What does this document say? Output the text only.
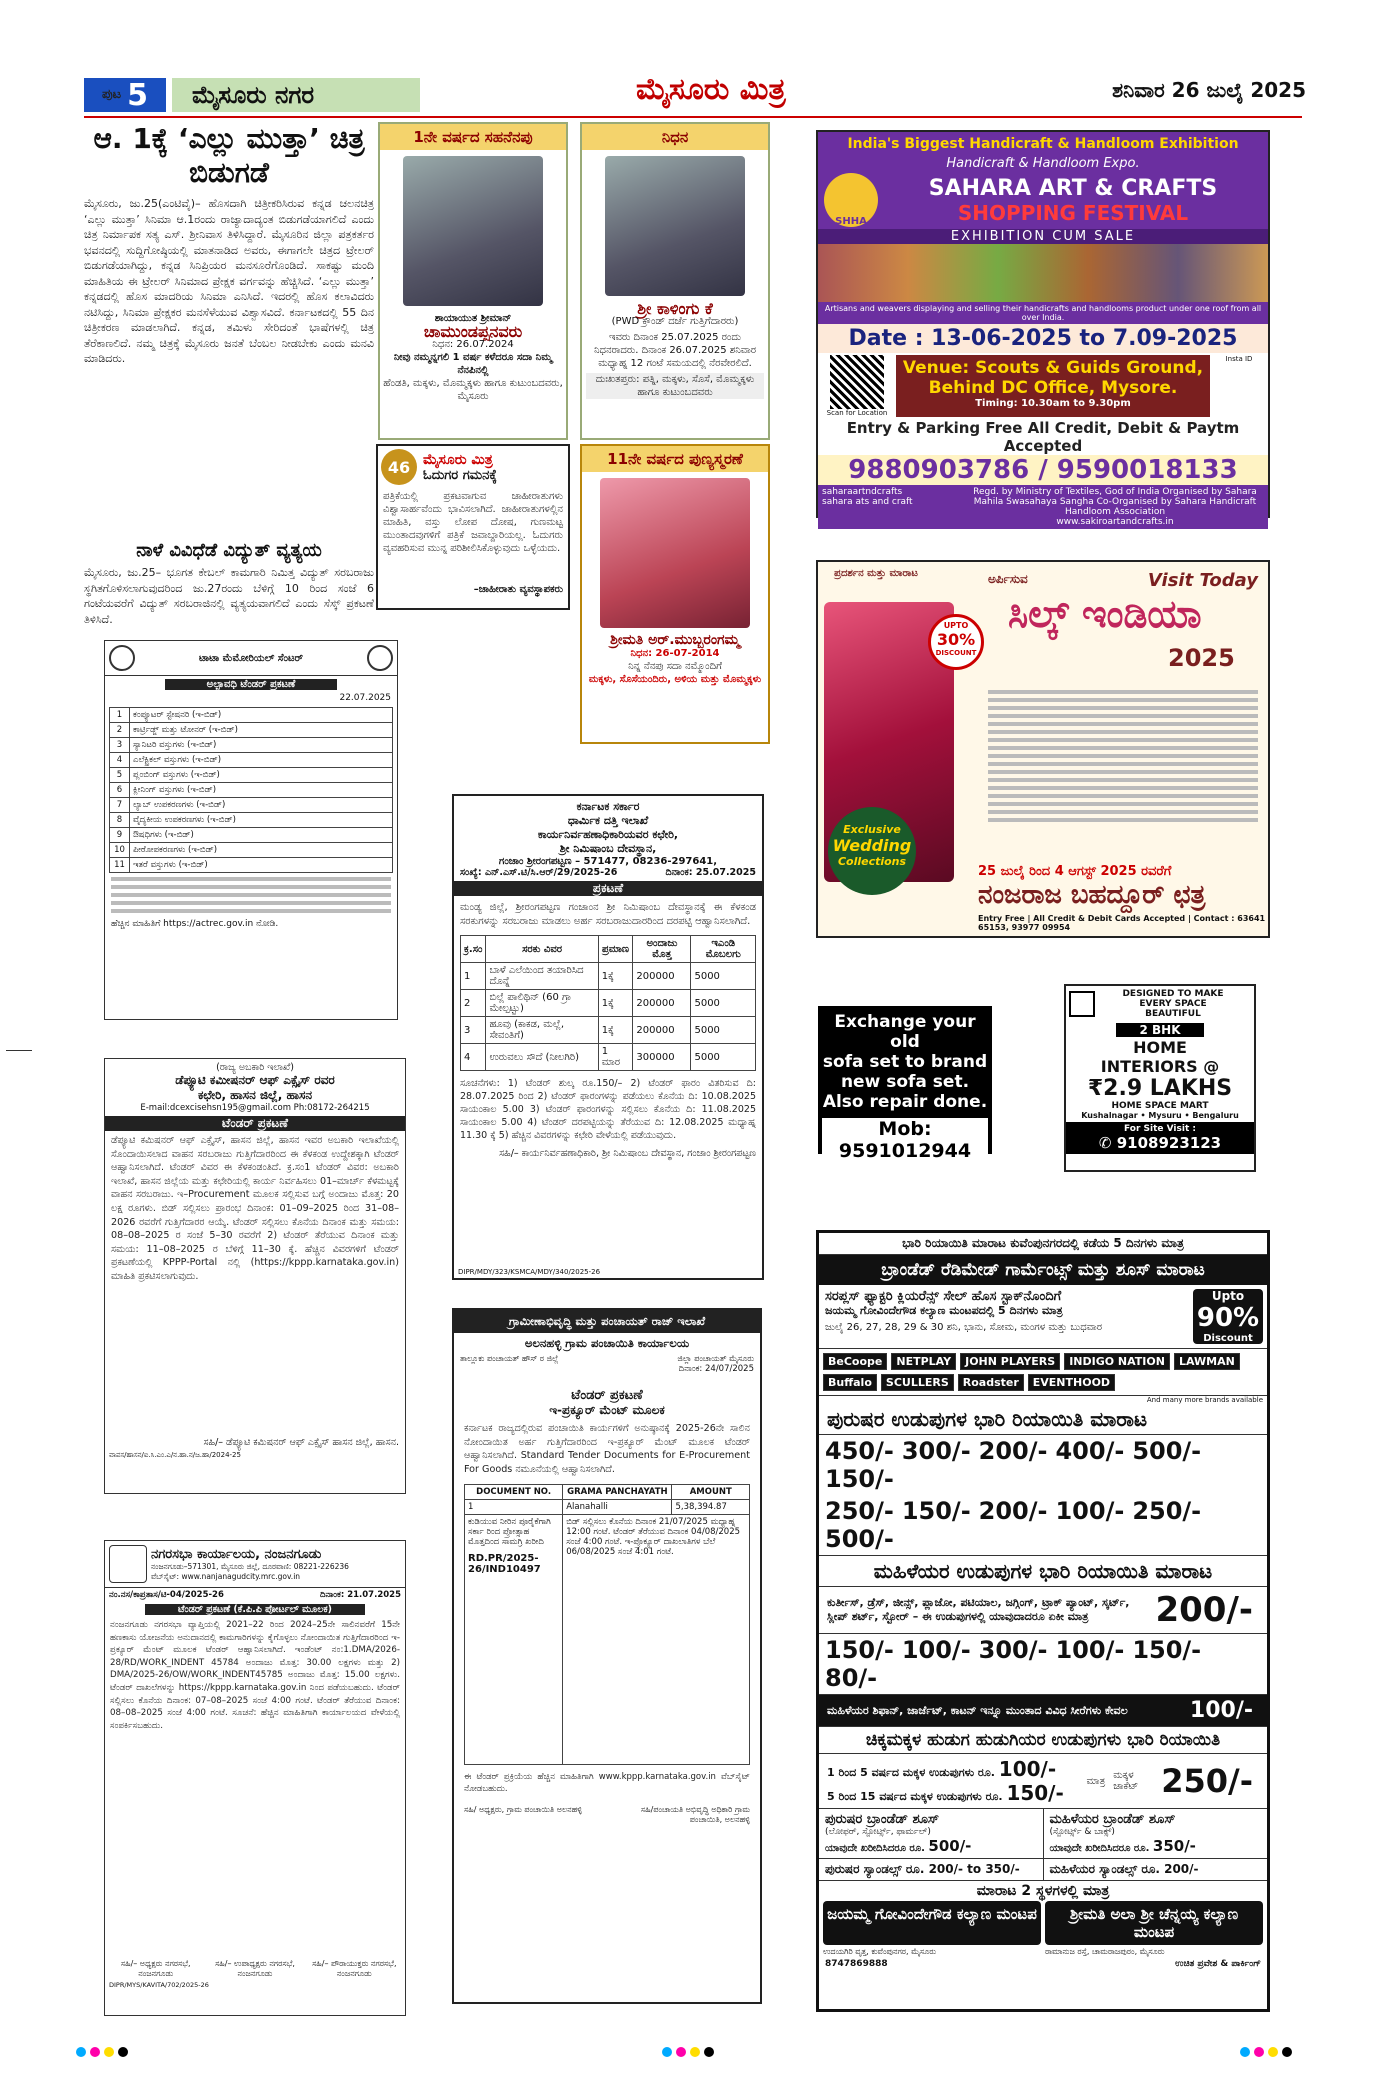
ಪುಟ 5	ಮೈಸೂರು ನಗರ	ಮೈಸೂರು ಮಿತ್ರ	ಶನಿವಾರ 26 ಜುಲೈ 2025
ಆ. 1ಕ್ಕೆ ‘ಎಲ್ಲು ಮುತ್ತಾ’ ಚಿತ್ರ ಬಿಡುಗಡೆ
ಮೈಸೂರು, ಜು.25(ಎಂಟಿವೈ)– ಹೊಸದಾಗಿ ಚಿತ್ರೀಕರಿಸಿರುವ ಕನ್ನಡ ಚಲನಚಿತ್ರ ‘ಎಲ್ಲು ಮುತ್ತಾ’ ಸಿನಿಮಾ ಆ.1ರಂದು ರಾಜ್ಯಾದಾದ್ಯಂತ ಬಿಡುಗಡೆಯಾಗಲಿದೆ ಎಂದು ಚಿತ್ರ ನಿರ್ಮಾಪಕ ಸತ್ಯ ಎಸ್. ಶ್ರೀನಿವಾಸ ತಿಳಿಸಿದ್ದಾರೆ. ಮೈಸೂರಿನ ಜಿಲ್ಲಾ ಪತ್ರಕರ್ತರ ಭವನದಲ್ಲಿ ಸುದ್ದಿಗೋಷ್ಠಿಯಲ್ಲಿ ಮಾತನಾಡಿದ ಅವರು, ಈಗಾಗಲೇ ಚಿತ್ರದ ಟ್ರೇಲರ್ ಬಿಡುಗಡೆಯಾಗಿದ್ದು, ಕನ್ನಡ ಸಿನಿಪ್ರಿಯರ ಮನಸೂರೆಗೊಂಡಿದೆ. ಸಾಕಷ್ಟು ಮಂದಿ ಮಾಹಿತಿಯ ಈ ಟ್ರೇಲರ್ ಸಿನಿಮಾದ ಪ್ರೇಕ್ಷಕ ವರ್ಗವನ್ನು ಹೆಚ್ಚಿಸಿದೆ. ‘ಎಲ್ಲು ಮುತ್ತಾ’ ಕನ್ನಡದಲ್ಲಿ ಹೊಸ ಮಾದರಿಯ ಸಿನಿಮಾ ಎನಿಸಿದೆ. ಇದರಲ್ಲಿ ಹೊಸ ಕಲಾವಿದರು ನಟಿಸಿದ್ದು, ಸಿನಿಮಾ ಪ್ರೇಕ್ಷಕರ ಮನಸೆಳೆಯುವ ವಿಶ್ವಾಸವಿದೆ. ಕರ್ನಾಟಕದಲ್ಲಿ 55 ದಿನ ಚಿತ್ರೀಕರಣ ಮಾಡಲಾಗಿದೆ. ಕನ್ನಡ, ತಮಿಳು ಸೇರಿದಂತೆ ಭಾಷೆಗಳಲ್ಲಿ ಚಿತ್ರ ತೆರೆಕಾಣಲಿದೆ. ನಮ್ಮ ಚಿತ್ರಕ್ಕೆ ಮೈಸೂರು ಜನತೆ ಬೆಂಬಲ ನೀಡಬೇಕು ಎಂದು ಮನವಿ ಮಾಡಿದರು.
ನಾಳೆ ವಿವಿಧೆಡೆ ವಿದ್ಯುತ್ ವ್ಯತ್ಯಯ
ಮೈಸೂರು, ಜು.25– ಭೂಗತ ಕೇಬಲ್ ಕಾಮಗಾರಿ ನಿಮಿತ್ತ ವಿದ್ಯುತ್ ಸರಬರಾಜು ಸ್ಥಗಿತಗೊಳಿಸಲಾಗುವುದರಿಂದ ಜು.27ರಂದು ಬೆಳಿಗ್ಗೆ 10 ರಿಂದ ಸಂಜೆ 6 ಗಂಟೆಯವರೆಗೆ ವಿದ್ಯುತ್ ಸರಬರಾಜಿನಲ್ಲಿ ವ್ಯತ್ಯಯವಾಗಲಿದೆ ಎಂದು ಸೆಸ್ಕ್ ಪ್ರಕಟಣೆ ತಿಳಿಸಿದೆ.
1ನೇ ವರ್ಷದ ಸಹನೆನಪು
ಶಾಯಾಯುತ ಶ್ರೀಮಾನ್
ಚಾಮುಂಡಪ್ಪನವರು
ನಿಧನ: 26.07.2024
ನೀವು ನಮ್ಮನ್ನಗಲಿ 1 ವರ್ಷ ಕಳೆದರೂ ಸದಾ ನಿಮ್ಮ ನೆನಪಿನಲ್ಲಿ
ಹೆಂಡತಿ, ಮಕ್ಕಳು, ಮೊಮ್ಮಕ್ಕಳು ಹಾಗೂ ಕುಟುಂಬದವರು, ಮೈಸೂರು
ನಿಧನ
ಶ್ರೀ ಕಾಳಿಂಗು ಕೆ
(PWD ಕ್ರೌಂಡ್ ದರ್ಜೆ ಗುತ್ತಿಗೆದಾರರು)
ಇವರು ದಿನಾಂಕ 25.07.2025 ರಂದು ನಿಧನರಾದರು. ದಿನಾಂಕ 26.07.2025 ಶನಿವಾರ ಮಧ್ಯಾಹ್ನ 12 ಗಂಟೆ ಸಮಯದಲ್ಲಿ ನೆರವೇರಲಿದೆ.
ದುಃಖತಪ್ತರು: ಪತ್ನಿ, ಮಕ್ಕಳು, ಸೊಸೆ, ಮೊಮ್ಮಕ್ಕಳು ಹಾಗೂ ಕುಟುಂಬದವರು
46 ಮೈಸೂರು ಮಿತ್ರ
ಓದುಗರ ಗಮನಕ್ಕೆ
ಪತ್ರಿಕೆಯಲ್ಲಿ ಪ್ರಕಟವಾಗುವ ಜಾಹೀರಾತುಗಳು ವಿಶ್ವಾಸಾರ್ಹವೆಂದು ಭಾವಿಸಲಾಗಿದೆ. ಜಾಹೀರಾತುಗಳಲ್ಲಿನ ಮಾಹಿತಿ, ವಸ್ತು ಲೋಪ ದೋಷ, ಗುಣಮಟ್ಟ ಮುಂತಾದವುಗಳಿಗೆ ಪತ್ರಿಕೆ ಜವಾಬ್ದಾರಿಯಲ್ಲ. ಓದುಗರು ವ್ಯವಹರಿಸುವ ಮುನ್ನ ಪರಿಶೀಲಿಸಿಕೊಳ್ಳುವುದು ಒಳ್ಳೆಯದು.
–ಜಾಹೀರಾತು ವ್ಯವಸ್ಥಾಪಕರು
11ನೇ ವರ್ಷದ ಪುಣ್ಯಸ್ಮರಣೆ
ಶ್ರೀಮತಿ ಅರ್.ಮುಬ್ಬರಂಗಮ್ಮ
ನಿಧನ: 26-07-2014
ನಿನ್ನ ನೆನಪು ಸದಾ ನಮ್ಮೊಂದಿಗೆ
ಮಕ್ಕಳು, ಸೊಸೆಯಂದಿರು, ಅಳಿಯ ಮತ್ತು ಮೊಮ್ಮಕ್ಕಳು
India's Biggest Handicraft & Handloom Exhibition
Handicraft & Handloom Expo.
SHHA
SAHARA ART & CRAFTS
SHOPPING FESTIVAL
EXHIBITION CUM SALE
Artisans and weavers displaying and selling their handicrafts and handlooms product under one roof from all over India.
Date : 13-06-2025 to 7.09-2025
Scan for Location
Venue: Scouts & Guids Ground, Behind DC Office, Mysore.
Timing: 10.30am to 9.30pm
Insta ID
Entry & Parking Free All Credit, Debit & Paytm Accepted
9880903786 / 9590018133
saharaartndcrafts
sahara ats and craft
Regd. by Ministry of Textiles, God of India Organised by Sahara Mahila Swasahaya Sangha Co-Organised by Sahara Handicraft Handloom Association
www.sakiroartandcrafts.in
ಪ್ರದರ್ಶನ ಮತ್ತು ಮಾರಾಟ	ಅರ್ಪಿಸುವ	Visit Today
ಸಿಲ್ಕ್ ಇಂಡಿಯಾ
2025
UPTO
30%
DISCOUNT
Exclusive
Wedding
Collections
25 ಜುಲೈ ರಿಂದ 4 ಆಗಸ್ಟ್ 2025 ರವರೆಗೆ
ನಂಜರಾಜ ಬಹದ್ದೂರ್ ಛತ್ರ
Entry Free | All Credit & Debit Cards Accepted | Contact : 63641 65153, 93977 09954
ಟಾಟಾ ಮೆಮೋರಿಯಲ್ ಸೆಂಟರ್
ಅಲ್ಪಾವಧಿ ಟೆಂಡರ್ ಪ್ರಕಟಣೆ
22.07.2025
1	ಕಂಪ್ಯೂಟರ್ ಸ್ಟೇಷನರಿ (ಇ-ಬಿಡ್)
2	ಕಾರ್ಟ್ರಿಡ್ಜ್ ಮತ್ತು ಟೋನರ್ (ಇ-ಬಿಡ್)
3	ಸ್ಯಾನಿಟರಿ ವಸ್ತುಗಳು (ಇ-ಬಿಡ್)
4	ಎಲೆಕ್ಟ್ರಿಕಲ್ ವಸ್ತುಗಳು (ಇ-ಬಿಡ್)
5	ಪ್ಲಂಬಿಂಗ್ ವಸ್ತುಗಳು (ಇ-ಬಿಡ್)
6	ಕ್ಲೀನಿಂಗ್ ವಸ್ತುಗಳು (ಇ-ಬಿಡ್)
7	ಲ್ಯಾಬ್ ಉಪಕರಣಗಳು (ಇ-ಬಿಡ್)
8	ವೈದ್ಯಕೀಯ ಉಪಕರಣಗಳು (ಇ-ಬಿಡ್)
9	ಔಷಧಿಗಳು (ಇ-ಬಿಡ್)
10	ಪೀಠೋಪಕರಣಗಳು (ಇ-ಬಿಡ್)
11	ಇತರೆ ವಸ್ತುಗಳು (ಇ-ಬಿಡ್)
ಹೆಚ್ಚಿನ ಮಾಹಿತಿಗೆ https://actrec.gov.in ನೋಡಿ.
ಕರ್ನಾಟಕ ಸರ್ಕಾರ
ಧಾರ್ಮಿಕ ದತ್ತಿ ಇಲಾಖೆ
ಕಾರ್ಯನಿರ್ವಹಣಾಧಿಕಾರಿಯವರ ಕಛೇರಿ,
ಶ್ರೀ ನಿಮಿಷಾಂಬ ದೇವಸ್ಥಾನ,
ಗಂಜಾಂ ಶ್ರೀರಂಗಪಟ್ಟಣ – 571477, 08236-297641,
ಸಂಖ್ಯೆ: ಎನ್.ಎಸ್.ಟಿ/ಸಿ.ಆರ್/29/2025-26	ದಿನಾಂಕ: 25.07.2025
ಪ್ರಕಟಣೆ
ಮಂಡ್ಯ ಜಿಲ್ಲೆ, ಶ್ರೀರಂಗಪಟ್ಟಣ ಗಂಜಾಂನ ಶ್ರೀ ನಿಮಿಷಾಂಬ ದೇವಸ್ಥಾನಕ್ಕೆ ಈ ಕೆಳಕಂಡ ಸರಕುಗಳನ್ನು ಸರಬರಾಜು ಮಾಡಲು ಅರ್ಹ ಸರಬರಾಜುದಾರರಿಂದ ದರಪಟ್ಟಿ ಆಹ್ವಾನಿಸಲಾಗಿದೆ.
ಕ್ರ.ಸಂ	ಸರಕು ವಿವರ	ಪ್ರಮಾಣ	ಅಂದಾಜು ಮೊತ್ತ	ಇಎಂಡಿ ಮೊಬಲಗು
1	ಬಾಳೆ ಎಲೆಯಿಂದ ತಯಾರಿಸಿದ ದೊನ್ನೆ	1ಕ್ಕೆ	200000	5000
2	ಬಿಲ್ಲೆ ಪಾಲಿಥಿನ್ (60 ಗ್ರಾ ಮೇಲ್ಪಟ್ಟು)	1ಕ್ಕೆ	200000	5000
3	ಹೂವು (ಕಾಕಡ, ಮಲ್ಲೆ, ಸೇವಂತಿಗೆ)	1ಕ್ಕೆ	200000	5000
4	ಉರುವಲು ಸೌದೆ (ನೀಲಗಿರಿ)	1 ಮಾರ	300000	5000
ಸೂಚನೆಗಳು: 1) ಟೆಂಡರ್ ಶುಲ್ಕ ರೂ.150/– 2) ಟೆಂಡರ್ ಫಾರಂ ವಿತರಿಸುವ ದಿ: 28.07.2025 ರಿಂದ 2) ಟೆಂಡರ್ ಫಾರಂಗಳನ್ನು ಪಡೆಯಲು ಕೊನೆಯ ದಿ: 10.08.2025 ಸಾಯಂಕಾಲ 5.00 3) ಟೆಂಡರ್ ಫಾರಂಗಳನ್ನು ಸಲ್ಲಿಸಲು ಕೊನೆಯ ದಿ: 11.08.2025 ಸಾಯಂಕಾಲ 5.00 4) ಟೆಂಡರ್ ದರಪಟ್ಟಿಯನ್ನು ತೆರೆಯುವ ದಿ: 12.08.2025 ಮಧ್ಯಾಹ್ನ 11.30 ಕ್ಕೆ 5) ಹೆಚ್ಚಿನ ವಿವರಗಳನ್ನು ಕಛೇರಿ ವೇಳೆಯಲ್ಲಿ ಪಡೆಯುವುದು.
ಸಹಿ/– ಕಾರ್ಯನಿರ್ವಹಣಾಧಿಕಾರಿ, ಶ್ರೀ ನಿಮಿಷಾಂಬ ದೇವಸ್ಥಾನ, ಗಂಜಾಂ ಶ್ರೀರಂಗಪಟ್ಟಣ
DIPR/MDY/323/KSMCA/MDY/340/2025-26
Exchange your old
sofa set to brand
new sofa set.
Also repair done.
Mob: 9591012944
DESIGNED TO MAKE
EVERY SPACE
BEAUTIFUL
2 BHK
HOME
INTERIORS @
₹2.9 LAKHS
HOME SPACE MART
Kushalnagar • Mysuru • Bengaluru
For Site Visit :
✆ 9108923123
(ರಾಜ್ಯ ಅಬಕಾರಿ ಇಲಾಖೆ)
ಡೆಪ್ಯೂಟಿ ಕಮೀಷನರ್ ಆಫ್ ಎಕ್ಸೈಸ್ ರವರ
ಕಛೇರಿ, ಹಾಸನ ಜಿಲ್ಲೆ, ಹಾಸನ
E-mail:dcexcisehsn195@gmail.com Ph:08172-264215
ಟೆಂಡರ್ ಪ್ರಕಟಣೆ
ಡೆಪ್ಯೂಟಿ ಕಮಿಷನರ್ ಆಫ್ ಎಕ್ಸೈಸ್, ಹಾಸನ ಜಿಲ್ಲೆ, ಹಾಸನ ಇವರ ಅಬಕಾರಿ ಇಲಾಖೆಯಲ್ಲಿ ಸೊಂದಾಯಿಸಲಾದ ವಾಹನ ಸರಬರಾಜು ಗುತ್ತಿಗೆದಾರರಿಂದ ಈ ಕೆಳಕಂಡ ಉದ್ದೇಶಕ್ಕಾಗಿ ಟೆಂಡರ್ ಆಹ್ವಾನಿಸಲಾಗಿದೆ. ಟೆಂಡರ್ ವಿವರ ಈ ಕೆಳಕಂಡಂತಿದೆ. ಕ್ರ.ಸಂ1 ಟೆಂಡರ್ ವಿವರ: ಅಬಕಾರಿ ಇಲಾಖೆ, ಹಾಸನ ಜಿಲ್ಲೆಯ ಮತ್ತು ಕಛೇರಿಯಲ್ಲಿ ಕಾರ್ಯ ನಿರ್ವಹಿಸಲು 01–ಮಾರ್ಚ್ ಕೆಳಮಟ್ಟಕ್ಕೆ ವಾಹನ ಸರಬರಾಜು. ಇ–Procurement ಮೂಲಕ ಸಲ್ಲಿಸುವ ಬಗ್ಗೆ ಅಂದಾಜು ಮೊತ್ತ: 20 ಲಕ್ಷ ರೂಗಳು. ಬಿಡ್ ಸಲ್ಲಿಸಲು ಪ್ರಾರಂಭ ದಿನಾಂಕ: 01–09–2025 ರಿಂದ 31–08–2026 ರವರೆಗೆ ಗುತ್ತಿಗೆದಾರರ ಆಯ್ಕೆ. ಟೆಂಡರ್ ಸಲ್ಲಿಸಲು ಕೊನೆಯ ದಿನಾಂಕ ಮತ್ತು ಸಮಯ: 08–08–2025 ರ ಸಂಜೆ 5–30 ರವರೆಗೆ 2) ಟೆಂಡರ್ ತೆರೆಯುವ ದಿನಾಂಕ ಮತ್ತು ಸಮಯ: 11–08–2025 ರ ಬೆಳಿಗ್ಗೆ 11–30 ಕ್ಕೆ. ಹೆಚ್ಚಿನ ವಿವರಗಳಿಗೆ ಟೆಂಡರ್ ಪ್ರಕಟಣೆಯಲ್ಲಿ KPPP-Portal ನಲ್ಲಿ (https://kppp.karnataka.gov.in) ಮಾಹಿತಿ ಪ್ರಕಟಿಸಲಾಗುವುದು.
ಸಹಿ/– ಡೆಪ್ಯೂಟಿ ಕಮಿಷನರ್ ಆಫ್ ಎಕ್ಸೈಸ್ ಹಾಸನ ಜಿಲ್ಲೆ, ಹಾಸನ.
ವಾಪಸ/ಹಾಸನ/ಐ.ಸಿ.ಎಂ.ಎ/ನ.ಹಾ.ನ/ಜ.ಹಾ/2024-25
ಗ್ರಾಮೀಣಾಭಿವೃದ್ಧಿ ಮತ್ತು ಪಂಚಾಯತ್ ರಾಜ್ ಇಲಾಖೆ
ಅಲನಹಳ್ಳಿ ಗ್ರಾಮ ಪಂಚಾಯಿತಿ ಕಾರ್ಯಾಲಯ
ತಾಲ್ಲೂಕು ಪಂಚಾಯತ್ ಹೌಸ್ ರ ಜಿಲ್ಲೆ	ಜಿಲ್ಲಾ ಪಂಚಾಯತ್ ಮೈಸೂರು
ದಿನಾಂಕ: 24/07/2025
ಟೆಂಡರ್ ಪ್ರಕಟಣೆ
ಇ-ಪ್ರಕ್ಯೂರ್ ಮೆಂಟ್ ಮೂಲಕ
ಕರ್ನಾಟಕ ರಾಜ್ಯದಲ್ಲಿರುವ ಪಂಚಾಯಿತಿ ಕಾರ್ಯಗಳಿಗೆ ಅನುಷ್ಠಾನಕ್ಕೆ 2025-26ನೇ ಸಾಲಿನ ನೋಂದಾಯಿತ ಅರ್ಹ ಗುತ್ತಿಗೆದಾರರಿಂದ ಇ-ಪ್ರಕ್ಯೂರ್ ಮೆಂಟ್ ಮೂಲಕ ಟೆಂಡರ್ ಆಹ್ವಾನಿಸಲಾಗಿದೆ. Standard Tender Documents for E-Procurement For Goods ನಮೂನೆಯಲ್ಲಿ ಆಹ್ವಾನಿಸಲಾಗಿದೆ.
DOCUMENT NO.	GRAMA PANCHAYATH	AMOUNT
1	Alanahalli	5,38,394.87

ಕುಡಿಯುವ ನೀರಿನ ಪೂರೈಕೆಗಾಗಿ ಸರ್ಕಾ ರಿಂದ ಪ್ರೋತ್ಸಾಹ ಮೊತ್ತದಿಂದ ಸಾಮಗ್ರಿ ಖರೀದಿ
RD.PR/2025-26/IND10497	ಬಿಡ್ ಸಲ್ಲಿಸಲು ಕೊನೆಯ ದಿನಾಂಕ 21/07/2025 ಮಧ್ಯಾಹ್ನ 12:00 ಗಂಟೆ. ಟೆಂಡರ್ ತೆರೆಯುವ ದಿನಾಂಕ 04/08/2025 ಸಂಜೆ 4:00 ಗಂಟೆ. ಇ-ಪ್ರೊಕ್ಯೂರ್ ದಾಖಲಾತಿಗಳ ಬೆಲೆ 06/08/2025 ಸಂಜೆ 4:01 ಗಂಟೆ.	
ಈ ಟೆಂಡರ್ ಪ್ರಕ್ರಿಯೆಯ ಹೆಚ್ಚಿನ ಮಾಹಿತಿಗಾಗಿ www.kppp.karnataka.gov.in ವೆಬ್‌ಸೈಟ್ ನೋಡಬಹುದು.
ಸಹಿ/ ಅಧ್ಯಕ್ಷರು, ಗ್ರಾಮ ಪಂಚಾಯಿತಿ ಅಲನಹಳ್ಳಿ	ಸಹಿ/ಪಂಚಾಯತಿ ಅಭಿವೃದ್ಧಿ ಅಧಿಕಾರಿ ಗ್ರಾಮ ಪಂಚಾಯಿತಿ, ಅಲನಹಳ್ಳಿ
ನಗರಸಭಾ ಕಾರ್ಯಾಲಯ, ನಂಜನಗೂಡು
ನಂಜನಗೂಡು–571301, ಮೈಸೂರು ಜಿಲ್ಲೆ, ದೂರವಾಣಿ: 08221-226236
ವೆಬ್‌ಸೈಟ್: www.nanjanagudcity.mrc.gov.in
ನಂ.ನಸ/ಕಾಪ್ರತಾಸ/ಟಿ-04/2025-26	ದಿನಾಂಕ: 21.07.2025
ಟೆಂಡರ್ ಪ್ರಕಟಣೆ (ಕೆ.ಪಿ.ಪಿ ಪೋರ್ಟಲ್ ಮೂಲಕ)
ನಂಜನಗೂಡು ನಗರಸಭಾ ವ್ಯಾಪ್ತಿಯಲ್ಲಿ 2021–22 ರಿಂದ 2024–25ನೇ ಸಾಲಿನವರೆಗೆ 15ನೇ ಹಣಕಾಸು ಯೋಜನೆಯ ಅನುದಾನದಲ್ಲಿ ಕಾಮಗಾರಿಗಳನ್ನು ಕೈಗೊಳ್ಳಲು ನೋಂದಾಯಿತ ಗುತ್ತಿಗೆದಾರರಿಂದ ಇ-ಪ್ರಕ್ಯೂರ್ ಮೆಂಟ್ ಮೂಲಕ ಟೆಂಡರ್ ಆಹ್ವಾನಿಸಲಾಗಿದೆ. ಇಂಡೆಂಟ್ ನಂ:1.DMA/2026-28/RD/WORK_INDENT 45784 ಅಂದಾಜು ಮೊತ್ತ: 30.00 ಲಕ್ಷಗಳು ಮತ್ತು 2) DMA/2025-26/OW/WORK_INDENT45785 ಅಂದಾಜು ಮೊತ್ತ: 15.00 ಲಕ್ಷಗಳು. ಟೆಂಡರ್ ದಾಖಲೆಗಳನ್ನು https://kppp.karnataka.gov.in ನಿಂದ ಪಡೆಯಬಹುದು. ಟೆಂಡರ್ ಸಲ್ಲಿಸಲು ಕೊನೆಯ ದಿನಾಂಕ: 07–08–2025 ಸಂಜೆ 4:00 ಗಂಟೆ. ಟೆಂಡರ್ ತೆರೆಯುವ ದಿನಾಂಕ: 08–08–2025 ಸಂಜೆ 4:00 ಗಂಟೆ. ಸೂಚನೆ: ಹೆಚ್ಚಿನ ಮಾಹಿತಿಗಾಗಿ ಕಾರ್ಯಾಲಯದ ವೇಳೆಯಲ್ಲಿ ಸಂಪರ್ಕಿಸಬಹುದು.
ಸಹಿ/– ಅಧ್ಯಕ್ಷರು ನಗರಸಭೆ, ನಂಜನಗೂಡು
ಸಹಿ/– ಉಪಾಧ್ಯಕ್ಷರು ನಗರಸಭೆ, ನಂಜನಗೂಡು
ಸಹಿ/– ಪೌರಾಯುಕ್ತರು ನಗರಸಭೆ, ನಂಜನಗೂಡು
DIPR/MYS/KAVITA/702/2025-26
ಭಾರಿ ರಿಯಾಯಿತಿ ಮಾರಾಟ ಕುವೆಂಪುನಗರದಲ್ಲಿ ಕಡೆಯ 5 ದಿನಗಳು ಮಾತ್ರ
ಬ್ರಾಂಡೆಡ್ ರೆಡಿಮೇಡ್ ಗಾರ್ಮೆಂಟ್ಸ್ ಮತ್ತು ಶೂಸ್ ಮಾರಾಟ
ಸರಪ್ಲಸ್ ಫ್ಯಾಕ್ಟರಿ ಕ್ಲಿಯರೆನ್ಸ್ ಸೇಲ್ ಹೊಸ ಸ್ಟಾಕ್‌ನೊಂದಿಗೆ
ಜಯಮ್ಮ ಗೋವಿಂದೇಗೌಡ ಕಲ್ಯಾಣ ಮಂಟಪದಲ್ಲಿ 5 ದಿನಗಳು ಮಾತ್ರ
ಜುಲೈ 26, 27, 28, 29 & 30 ಶನಿ, ಭಾನು, ಸೋಮ, ಮಂಗಳ ಮತ್ತು ಬುಧವಾರ
Upto
90%
Discount
BeCoope	NETPLAY	JOHN PLAYERS	INDIGO NATION	LAWMAN
Buffalo	SCULLERS	Roadster	EVENTHOOD
And many more brands available
ಪುರುಷರ ಉಡುಪುಗಳ ಭಾರಿ ರಿಯಾಯಿತಿ ಮಾರಾಟ
450/- 300/- 200/- 400/- 500/-150/-
250/- 150/- 200/- 100/- 250/-500/-
ಮಹಿಳೆಯರ ಉಡುಪುಗಳ ಭಾರಿ ರಿಯಾಯಿತಿ ಮಾರಾಟ
ಕುರ್ತೀಸ್, ಡ್ರೆಸ್, ಜೀನ್ಸ್, ಪ್ಲಾಜೋ, ಪಟಿಯಾಲ, ಜಗ್ಗಿಂಗ್, ಟ್ರಾಕ್ ಪ್ಯಾಂಟ್, ಸ್ಕರ್ಟ್, ಸ್ಲೀಪ್ ಶರ್ಟ್, ಸ್ಟೋರ್ – ಈ ಉಡುಪುಗಳಲ್ಲಿ ಯಾವುದಾದರೂ ಏಕೀ ಮಾತ್ರ	200/-
150/- 100/- 300/- 100/- 150/-80/-
ಮಹಿಳೆಯರ ಶಿಫಾನ್, ಜಾರ್ಜೆಟ್, ಕಾಟನ್ ಇನ್ನೂ ಮುಂತಾದ ವಿವಿಧ ಸೀರೆಗಳು ಕೇವಲ	100/-
ಚಿಕ್ಕಮಕ್ಕಳ ಹುಡುಗ ಹುಡುಗಿಯರ ಉಡುಪುಗಳು ಭಾರಿ ರಿಯಾಯಿತಿ
1 ರಿಂದ 5 ವರ್ಷದ ಮಕ್ಕಳ ಉಡುಪುಗಳು ರೂ. 100/-
5 ರಿಂದ 15 ವರ್ಷದ ಮಕ್ಕಳ ಉಡುಪುಗಳು ರೂ. 150/-	ಮಾತ್ರ ಮಕ್ಕಳ ಜಾಕೆಟ್ 250/-
ಪುರುಷರ ಬ್ರಾಂಡೆಡ್ ಶೂಸ್
(ಲೋಫರ್, ಸ್ಪೋರ್ಟ್ಸ್, ಫಾರ್ಮಲ್)
ಯಾವುದೇ ಖರೀದಿಸಿದರೂ ರೂ. 500/-
ಮಹಿಳೆಯರ ಬ್ರಾಂಡೆಡ್ ಶೂಸ್
(ಸ್ಪೋರ್ಟ್ಸ್ & ಬಾಕ್ಸ್)
ಯಾವುದೇ ಖರೀದಿಸಿದರೂ ರೂ. 350/-
ಪುರುಷರ ಸ್ಯಾಂಡಲ್ಸ್ ರೂ. 200/- to 350/-	ಮಹಿಳೆಯರ ಸ್ಯಾಂಡಲ್ಸ್ ರೂ. 200/-
ಮಾರಾಟ 2 ಸ್ಥಳಗಳಲ್ಲಿ ಮಾತ್ರ
ಜಯಮ್ಮ ಗೋವಿಂದೇಗೌಡ ಕಲ್ಯಾಣ ಮಂಟಪ	ಶ್ರೀಮತಿ ಅಲಾ ಶ್ರೀ ಚೆನ್ನಯ್ಯ ಕಲ್ಯಾಣ ಮಂಟಪ
ಉದಯಗಿರಿ ವೃತ್ತ, ಕುವೆಂಪುನಗರ, ಮೈಸೂರು	ರಾಮಾನುಜ ರಸ್ತೆ, ಚಾಮರಾಜಪುರಂ, ಮೈಸೂರು
8747869888	ಉಚಿತ ಪ್ರವೇಶ & ಪಾರ್ಕಿಂಗ್
